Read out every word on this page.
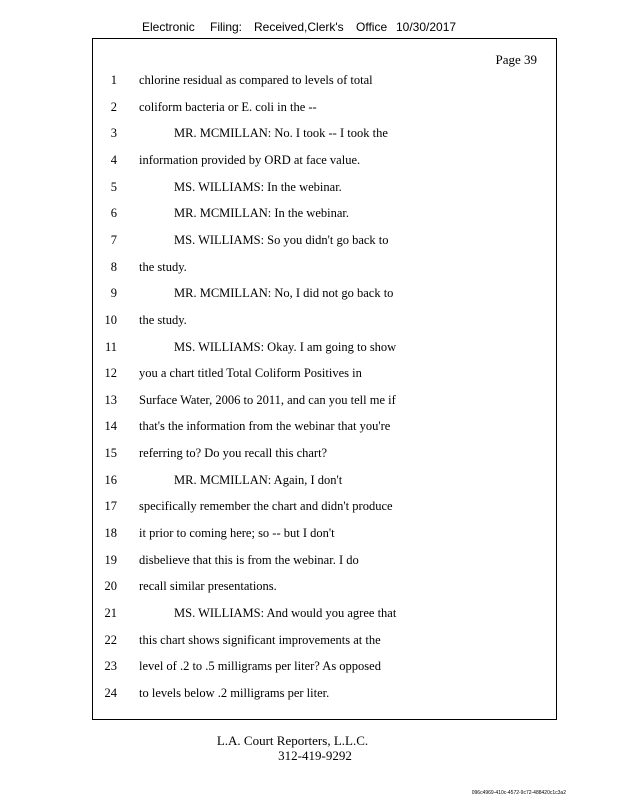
Electronic	Filing: Received,Clerk's	Office 10/30/2017
Page 39
1 chlorine residual as compared to levels of total
2 coliform bacteria or E. coli in the --
3	MR. MCMILLAN: No. I took -- I took the
4 information provided by ORD at face value.
5	MS. WILLIAMS: In the webinar.
6	MR. MCMILLAN: In the webinar.
7	MS. WILLIAMS: So you didn't go back to
8 the study.
9	MR. MCMILLAN: No, I did not go back to
10 the study.
11	MS. WILLIAMS: Okay. I am going to show
12 you a chart titled Total Coliform Positives in
13 Surface Water, 2006 to 2011, and can you tell me if
14 that's the information from the webinar that you're
15 referring to? Do you recall this chart?
16	MR. MCMILLAN: Again, I don't
17 specifically remember the chart and didn't produce
18 it prior to coming here; so -- but I don't
19 disbelieve that this is from the webinar. I do
20 recall similar presentations.
21	MS. WILLIAMS: And would you agree that
22 this chart shows significant improvements at the
23 level of .2 to .5 milligrams per liter? As opposed
24 to levels below .2 milligrams per liter.
L.A. Court Reporters, L.L.C.
312-419-9292
096c4969-410c-4572-9c72-488420c1c3a2
